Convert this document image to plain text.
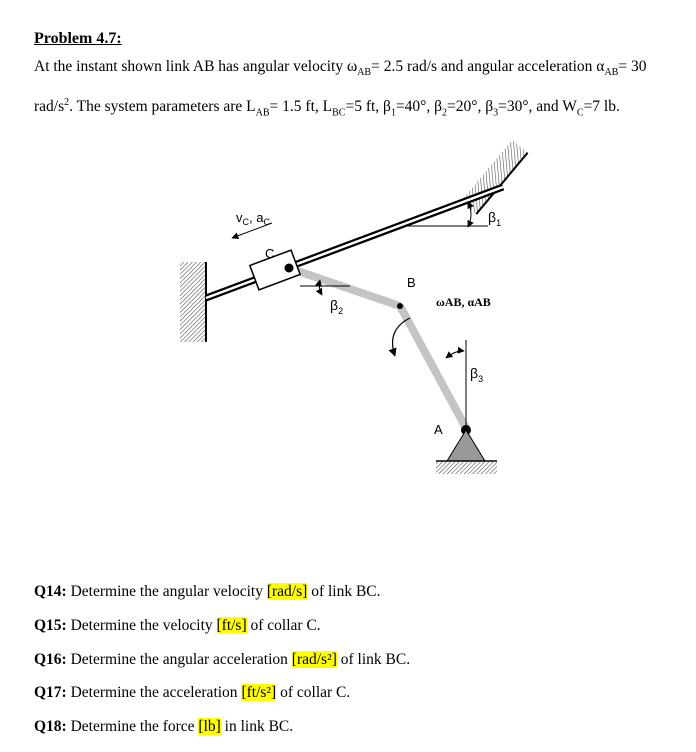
Problem 4.7:
At the instant shown link AB has angular velocity $\omega_{AB}= 2.5$ rad/s and angular acceleration $\alpha_{AB}= 30$ rad/$s^2$. The system parameters are $L_{AB}= 1.5$ ft, $L_{BC}=5$ ft, $\beta_1=40^\circ$, $\beta_2=20^\circ$, $\beta_3=30^\circ$, and $W_C=7$ lb.
$v_C$, $a_C$
C
B
A
$\beta_1$
$\beta_2$
$\beta_3$
ωAB, αAB
Q14: Determine the angular velocity [rad/s] of link BC.
Q15: Determine the velocity [ft/s] of collar C.
Q16: Determine the angular acceleration [rad/s²] of link BC.
Q17: Determine the acceleration [ft/s²] of collar C.
Q18: Determine the force [lb] in link BC.
